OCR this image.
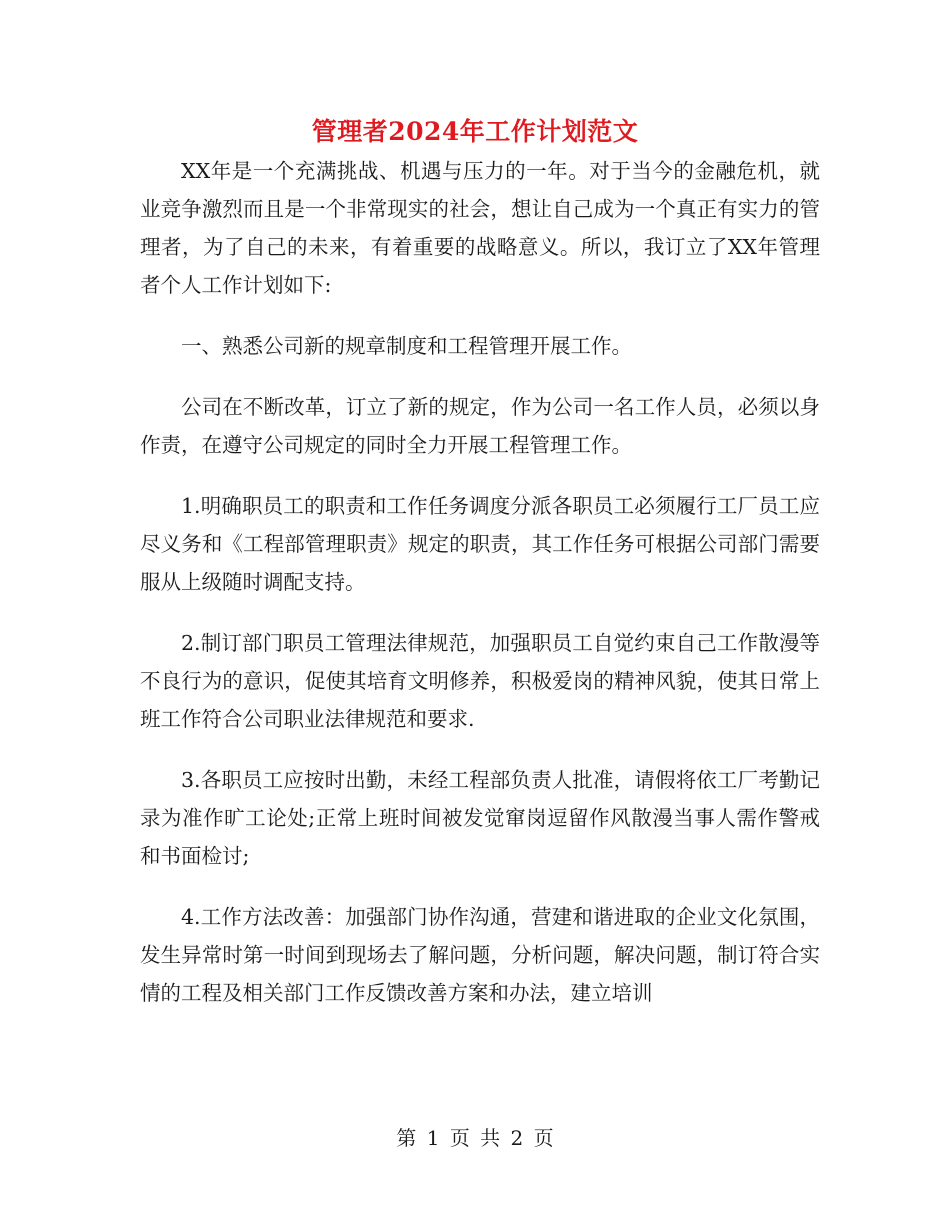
管理者2024年工作计划范文

XX年是一个充满挑战、机遇与压力的一年。对于当今的金融危机，就业竞争激烈而且是一个非常现实的社会，想让自己成为一个真正有实力的管理者，为了自己的未来，有着重要的战略意义。所以，我订立了XX年管理者个人工作计划如下:

一、熟悉公司新的规章制度和工程管理开展工作。

公司在不断改革，订立了新的规定，作为公司一名工作人员，必须以身作责，在遵守公司规定的同时全力开展工程管理工作。

1.明确职员工的职责和工作任务调度分派各职员工必须履行工厂员工应尽义务和《工程部管理职责》规定的职责，其工作任务可根据公司部门需要服从上级随时调配支持。

2.制订部门职员工管理法律规范，加强职员工自觉约束自己工作散漫等不良行为的意识，促使其培育文明修养，积极爱岗的精神风貌，使其日常上班工作符合公司职业法律规范和要求.

3.各职员工应按时出勤，未经工程部负责人批准，请假将依工厂考勤记录为准作旷工论处;正常上班时间被发觉窜岗逗留作风散漫当事人需作警戒和书面检讨;

4.工作方法改善：加强部门协作沟通，营建和谐进取的企业文化氛围，发生异常时第一时间到现场去了解问题，分析问题，解决问题，制订符合实情的工程及相关部门工作反馈改善方案和办法，建立培训

第 1 页 共 2 页
